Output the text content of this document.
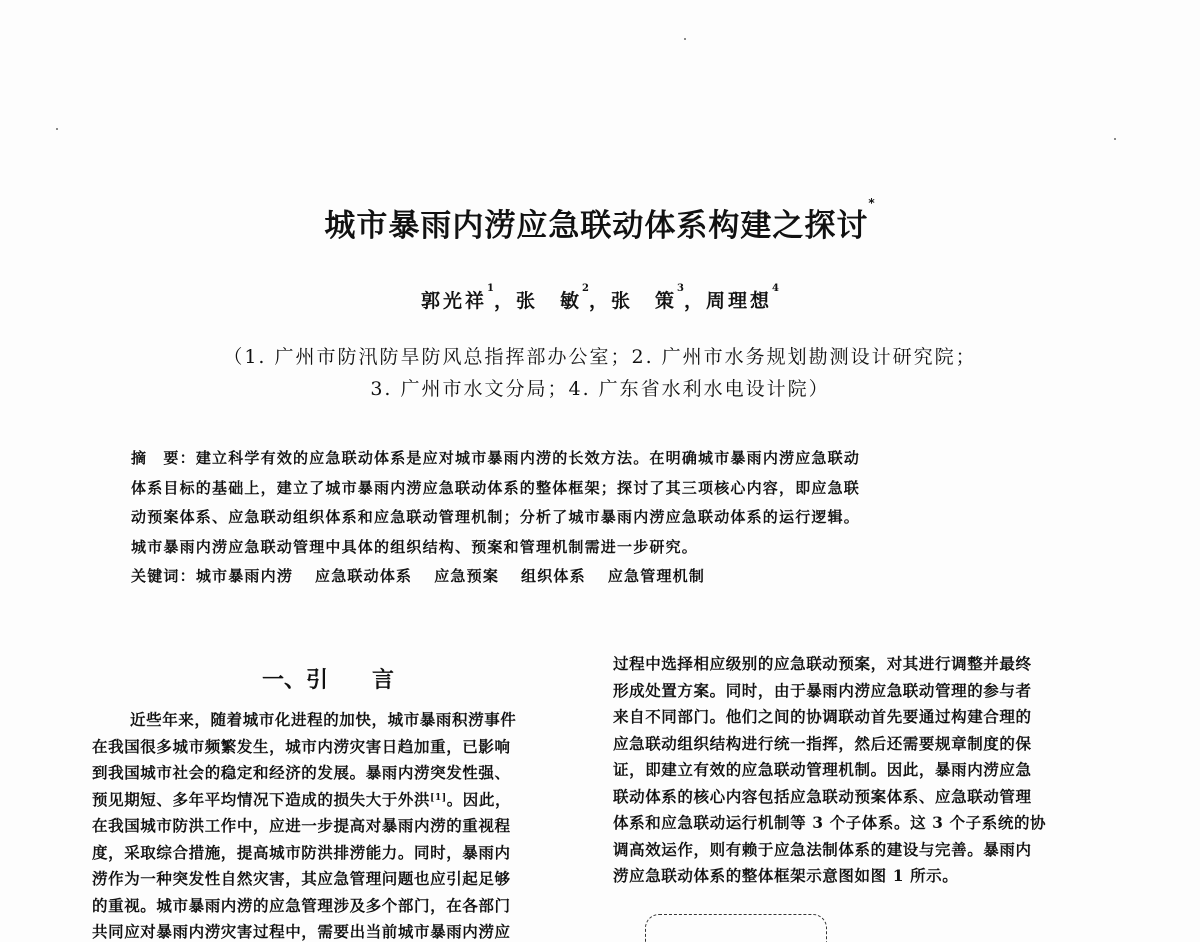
城市暴雨内涝应急联动体系构建之探讨*
郭光祥$^1$，张　敏$^2$，张　策$^3$，周理想$^4$
（1. 广州市防汛防旱防风总指挥部办公室；2. 广州市水务规划勘测设计研究院；
3. 广州市水文分局；4. 广东省水利水电设计院）
摘　要：建立科学有效的应急联动体系是应对城市暴雨内涝的长效方法。在明确城市暴雨内涝应急联动
体系目标的基础上，建立了城市暴雨内涝应急联动体系的整体框架；探讨了其三项核心内容，即应急联
动预案体系、应急联动组织体系和应急联动管理机制；分析了城市暴雨内涝应急联动体系的运行逻辑。
城市暴雨内涝应急联动管理中具体的组织结构、预案和管理机制需进一步研究。
关键词：城市暴雨内涝 应急联动体系 应急预案 组织体系 应急管理机制
一、引 言
近些年来，随着城市化进程的加快，城市暴雨积涝事件
在我国很多城市频繁发生，城市内涝灾害日趋加重，已影响
到我国城市社会的稳定和经济的发展。暴雨内涝突发性强、
预见期短、多年平均情况下造成的损失大于外洪[1]。因此，
在我国城市防洪工作中，应进一步提高对暴雨内涝的重视程
度，采取综合措施，提高城市防洪排涝能力。同时，暴雨内
涝作为一种突发性自然灾害，其应急管理问题也应引起足够
的重视。城市暴雨内涝的应急管理涉及多个部门，在各部门
共同应对暴雨内涝灾害过程中，需要出当前城市暴雨内涝应
过程中选择相应级别的应急联动预案，对其进行调整并最终
形成处置方案。同时，由于暴雨内涝应急联动管理的参与者
来自不同部门。他们之间的协调联动首先要通过构建合理的
应急联动组织结构进行统一指挥，然后还需要规章制度的保
证，即建立有效的应急联动管理机制。因此，暴雨内涝应急
联动体系的核心内容包括应急联动预案体系、应急联动管理
体系和应急联动运行机制等 3 个子体系。这 3 个子系统的协
调高效运作，则有赖于应急法制体系的建设与完善。暴雨内
涝应急联动体系的整体框架示意图如图 1 所示。
